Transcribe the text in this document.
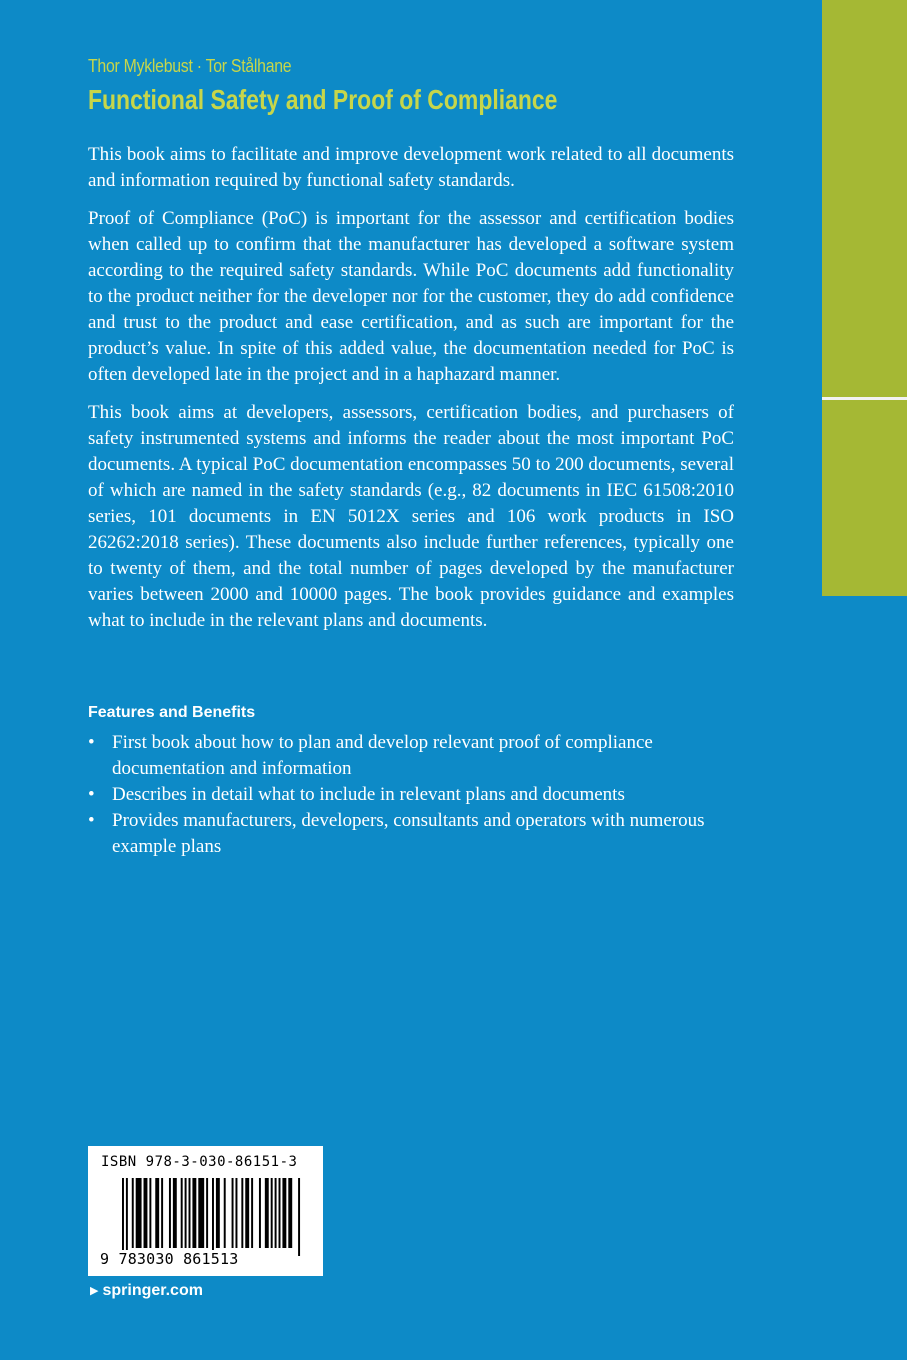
Thor Myklebust · Tor Stålhane
Functional Safety and Proof of Compliance

This book aims to facilitate and improve development work related to all documents and information required by functional safety standards.

Proof of Compliance (PoC) is important for the assessor and certification bodies when called up to confirm that the manufacturer has developed a software system according to the required safety standards. While PoC documents add functionality to the product neither for the developer nor for the customer, they do add confidence and trust to the product and ease certification, and as such are important for the product’s value. In spite of this added value, the documentation needed for PoC is often developed late in the project and in a haphazard manner.

This book aims at developers, assessors, certification bodies, and purchasers of safety instrumented systems and informs the reader about the most important PoC documents. A typical PoC documentation encompasses 50 to 200 documents, several of which are named in the safety standards (e.g., 82 documents in IEC 61508:2010 series, 101 documents in EN 5012X series and 106 work products in ISO 26262:2018 series). These documents also include further references, typically one to twenty of them, and the total number of pages developed by the manufacturer varies between 2000 and 10000 pages. The book provides guidance and examples what to include in the relevant plans and documents.

Features and Benefits
• First book about how to plan and develop relevant proof of compliance documentation and information
• Describes in detail what to include in relevant plans and documents
• Provides manufacturers, developers, consultants and operators with numerous example plans
ISBN 978-3-030-86151-3
9 783030 861513
▶ springer.com
